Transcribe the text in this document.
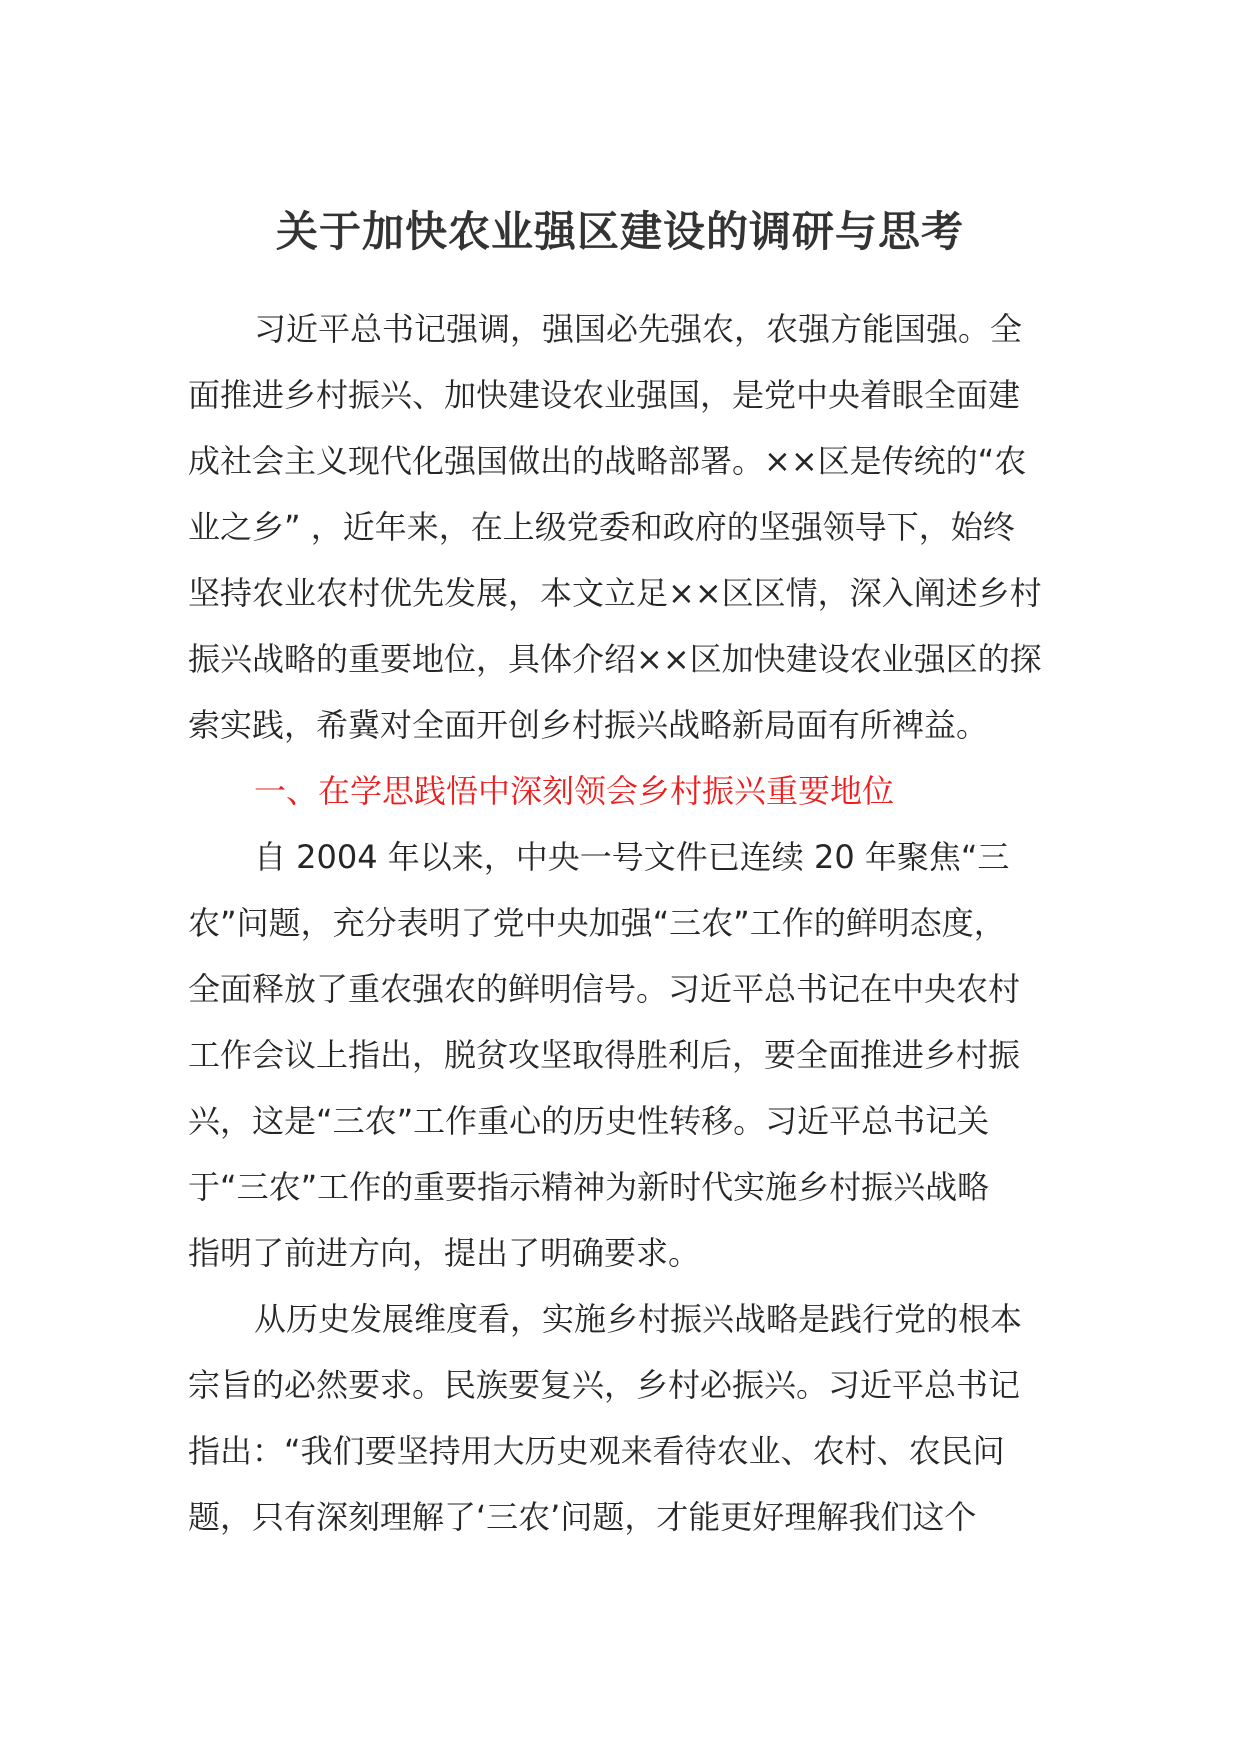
关于加快农业强区建设的调研与思考
习近平总书记强调，强国必先强农，农强方能国强。全
面推进乡村振兴、加快建设农业强国，是党中央着眼全面建
成社会主义现代化强国做出的战略部署。××区是传统的“农
业之乡” ，近年来，在上级党委和政府的坚强领导下，始终
坚持农业农村优先发展，本文立足××区区情，深入阐述乡村
振兴战略的重要地位，具体介绍××区加快建设农业强区的探
索实践，希冀对全面开创乡村振兴战略新局面有所裨益。
一、在学思践悟中深刻领会乡村振兴重要地位
自 2004 年以来，中央一号文件已连续 20 年聚焦“三
农”问题，充分表明了党中央加强“三农”工作的鲜明态度，
全面释放了重农强农的鲜明信号。习近平总书记在中央农村
工作会议上指出，脱贫攻坚取得胜利后，要全面推进乡村振
兴，这是“三农”工作重心的历史性转移。习近平总书记关
于“三农”工作的重要指示精神为新时代实施乡村振兴战略
指明了前进方向，提出了明确要求。
从历史发展维度看，实施乡村振兴战略是践行党的根本
宗旨的必然要求。民族要复兴，乡村必振兴。习近平总书记
指出：“我们要坚持用大历史观来看待农业、农村、农民问
题，只有深刻理解了‘三农’问题，才能更好理解我们这个
